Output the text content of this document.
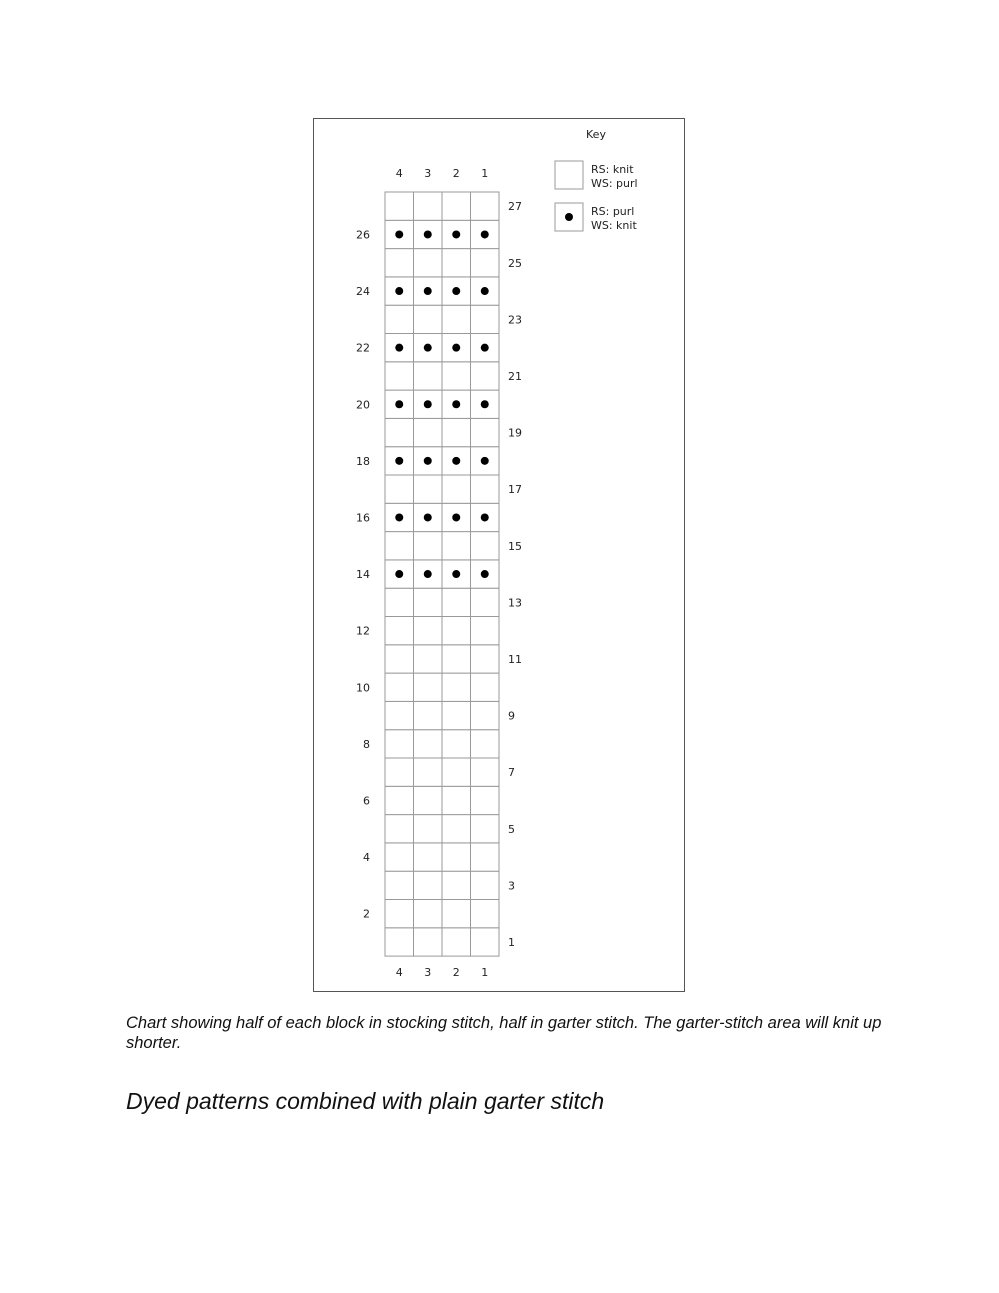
4
4
3
3
2
2
1
1
27
25
23
21
19
17
15
13
11
9
7
5
3
1
26
24
22
20
18
16
14
12
10
8
6
4
2
Key
RS: knit
WS: purl
RS: purl
WS: knit

Chart showing half of each block in stocking stitch, half in garter stitch. The garter-stitch area will knit up shorter.

Dyed patterns combined with plain garter stitch
